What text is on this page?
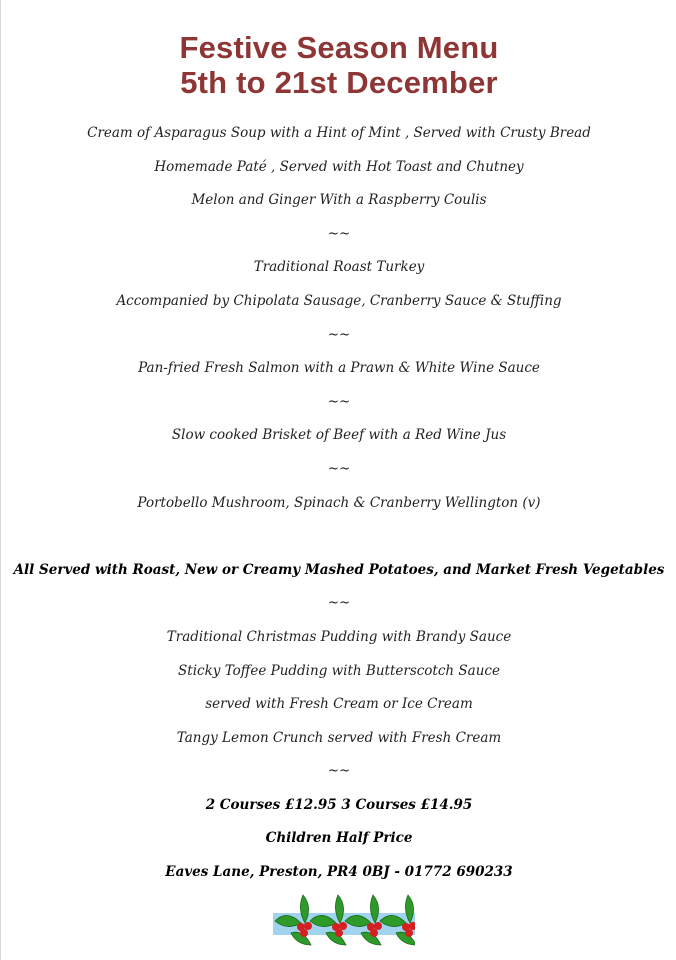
Festive Season Menu
5th to 21st December
Cream of Asparagus Soup with a Hint of Mint , Served with Crusty Bread
Homemade Paté , Served with Hot Toast and Chutney
Melon and Ginger With a Raspberry Coulis
~~
Traditional Roast Turkey
Accompanied by Chipolata Sausage, Cranberry Sauce & Stuffing
~~
Pan-fried Fresh Salmon with a Prawn & White Wine Sauce
~~
Slow cooked Brisket of Beef with a Red Wine Jus
~~
Portobello Mushroom, Spinach & Cranberry Wellington (v)
All Served with Roast, New or Creamy Mashed Potatoes, and Market Fresh Vegetables
~~
Traditional Christmas Pudding with Brandy Sauce
Sticky Toffee Pudding with Butterscotch Sauce
served with Fresh Cream or Ice Cream
Tangy Lemon Crunch served with Fresh Cream
~~
2 Courses £12.95 3 Courses £14.95
Children Half Price
Eaves Lane, Preston, PR4 0BJ - 01772 690233
